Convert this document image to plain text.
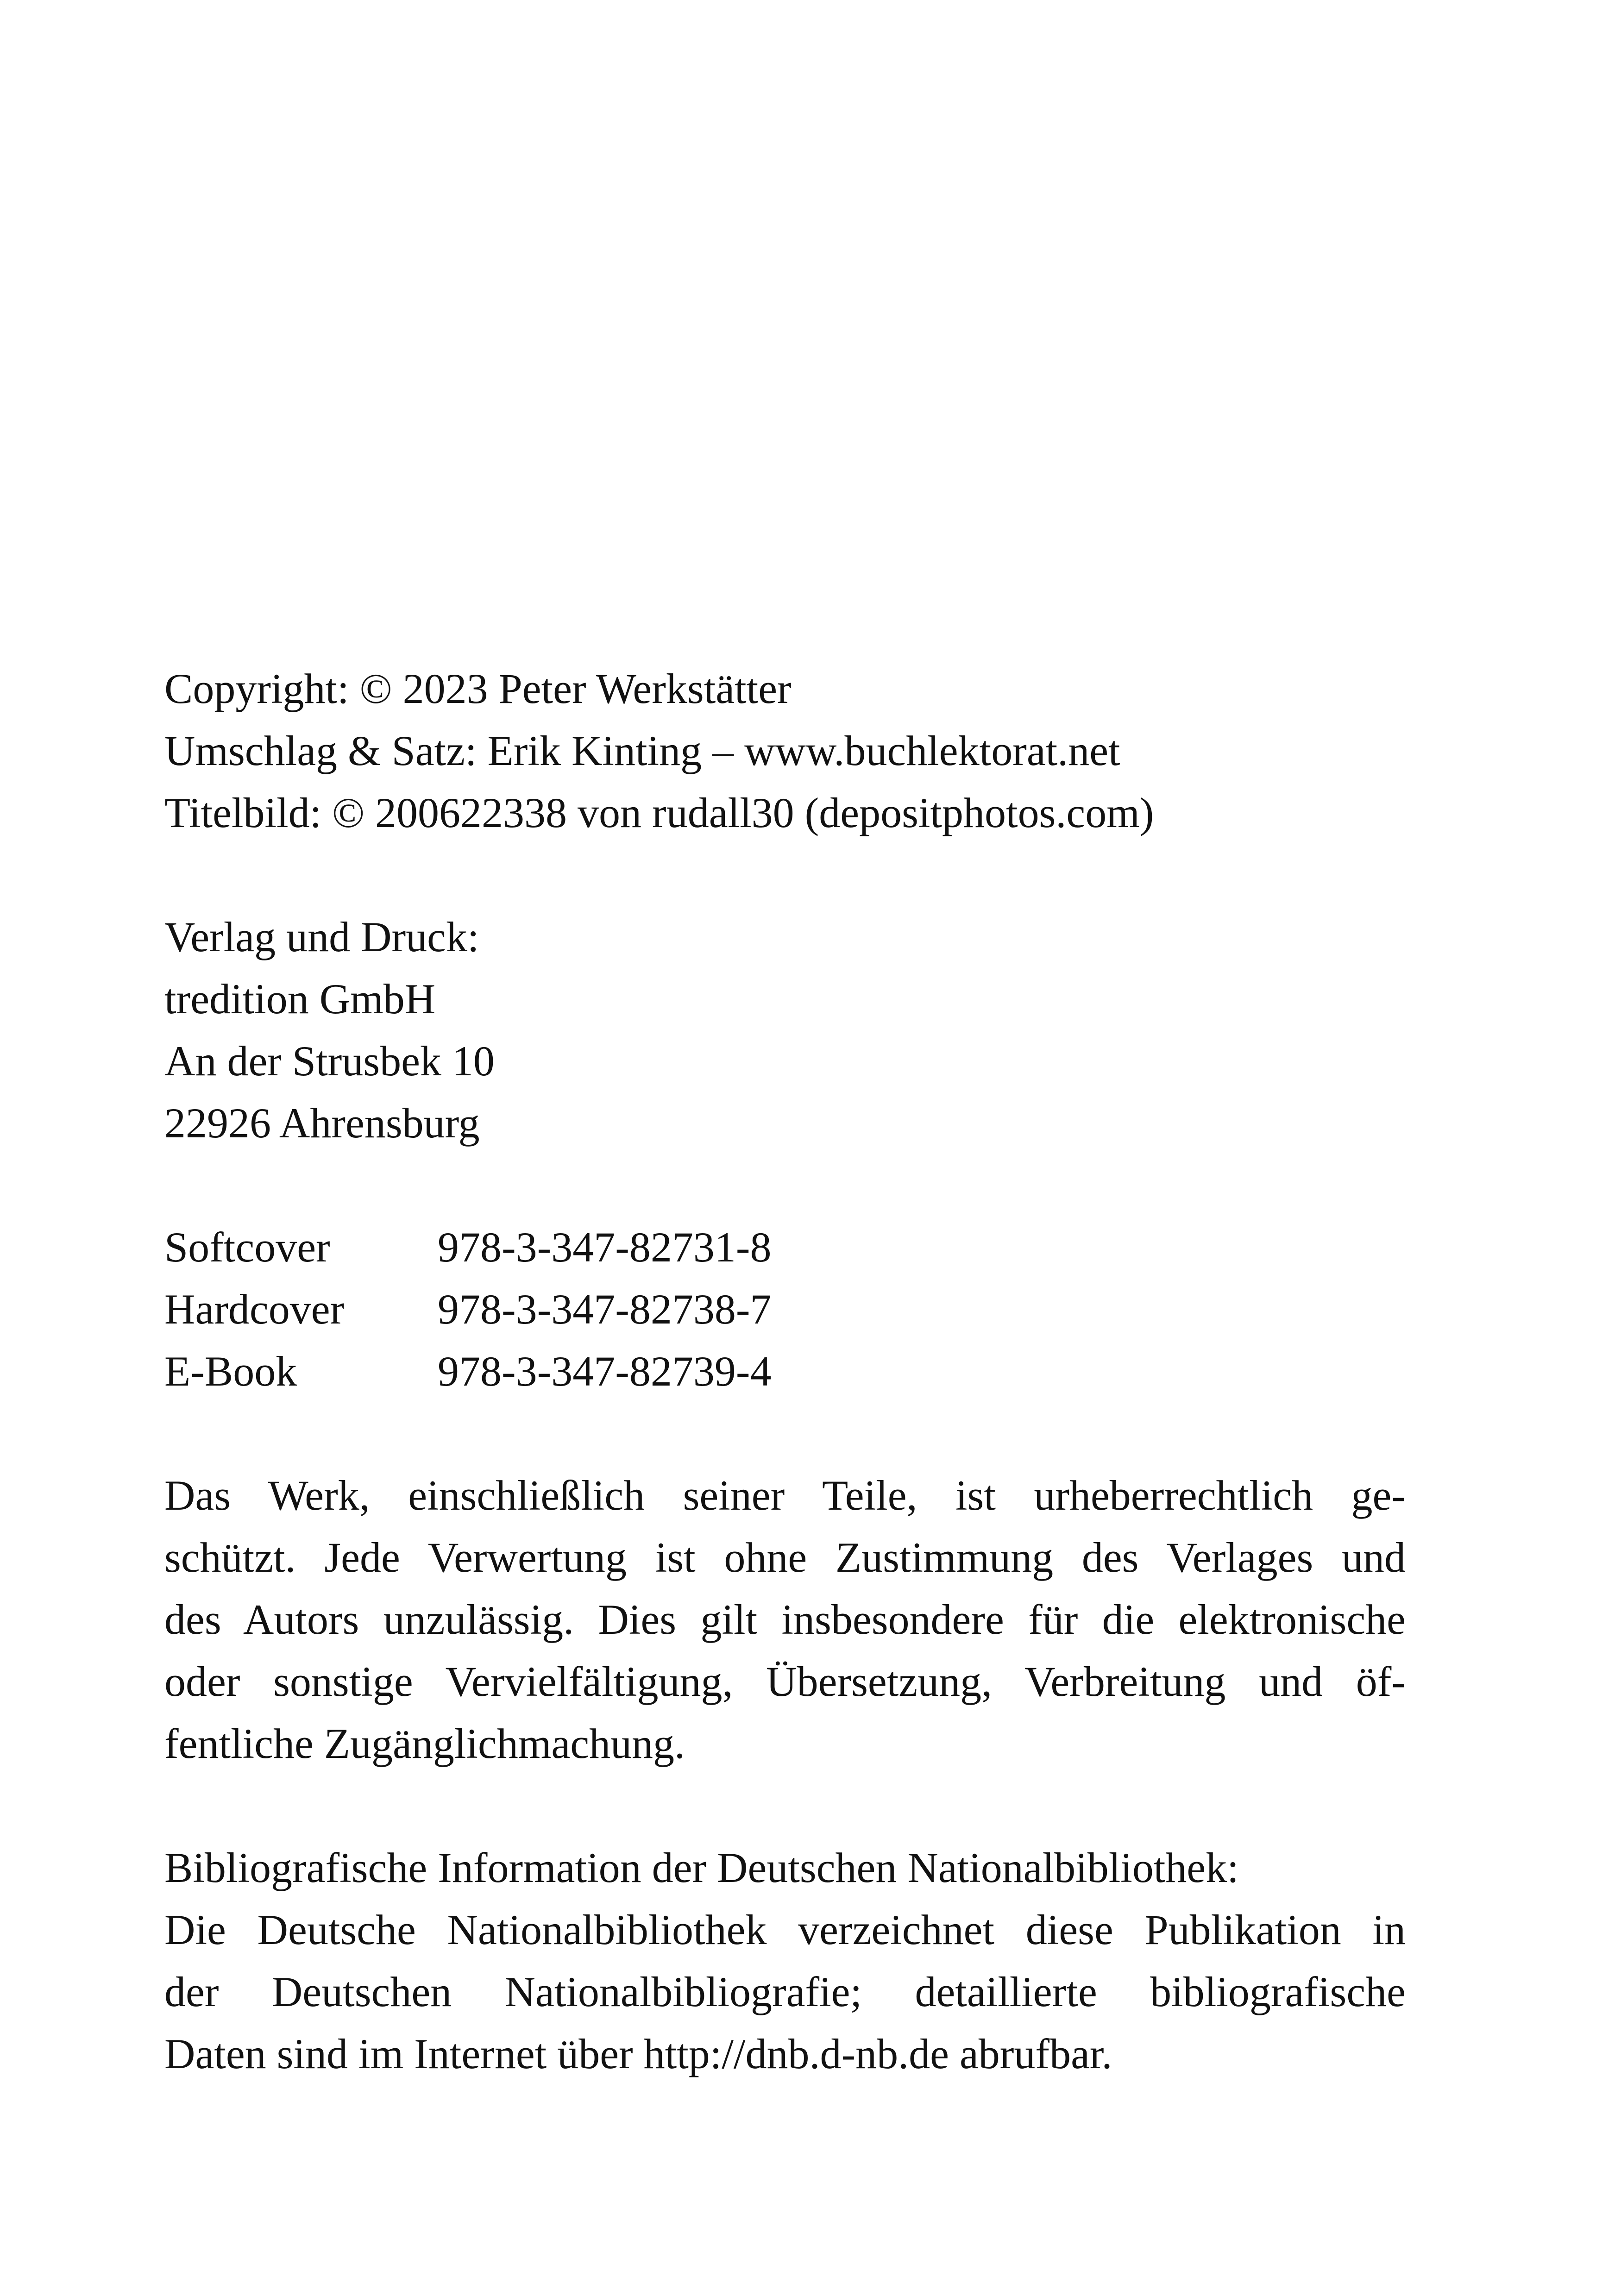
Copyright: © 2023 Peter Werkstätter
Umschlag & Satz: Erik Kinting – www.buchlektorat.net
Titelbild: © 200622338 von rudall30 (depositphotos.com)
Verlag und Druck:
tredition GmbH
An der Strusbek 10
22926 Ahrensburg
Softcover	978-3-347-82731-8
Hardcover 978-3-347-82738-7
E-Book	978-3-347-82739-4
Das Werk, einschließlich seiner Teile, ist urheberrechtlich ge-
schützt. Jede Verwertung ist ohne Zustimmung des Verlages und
des Autors unzulässig. Dies gilt insbesondere für die elektronische
oder sonstige Vervielfältigung, Übersetzung, Verbreitung und öf-
fentliche Zugänglichmachung.
Bibliografische Information der Deutschen Nationalbibliothek:
Die Deutsche Nationalbibliothek verzeichnet diese Publikation in
der Deutschen Nationalbibliografie; detaillierte bibliografische
Daten sind im Internet über http://dnb.d-nb.de abrufbar.
